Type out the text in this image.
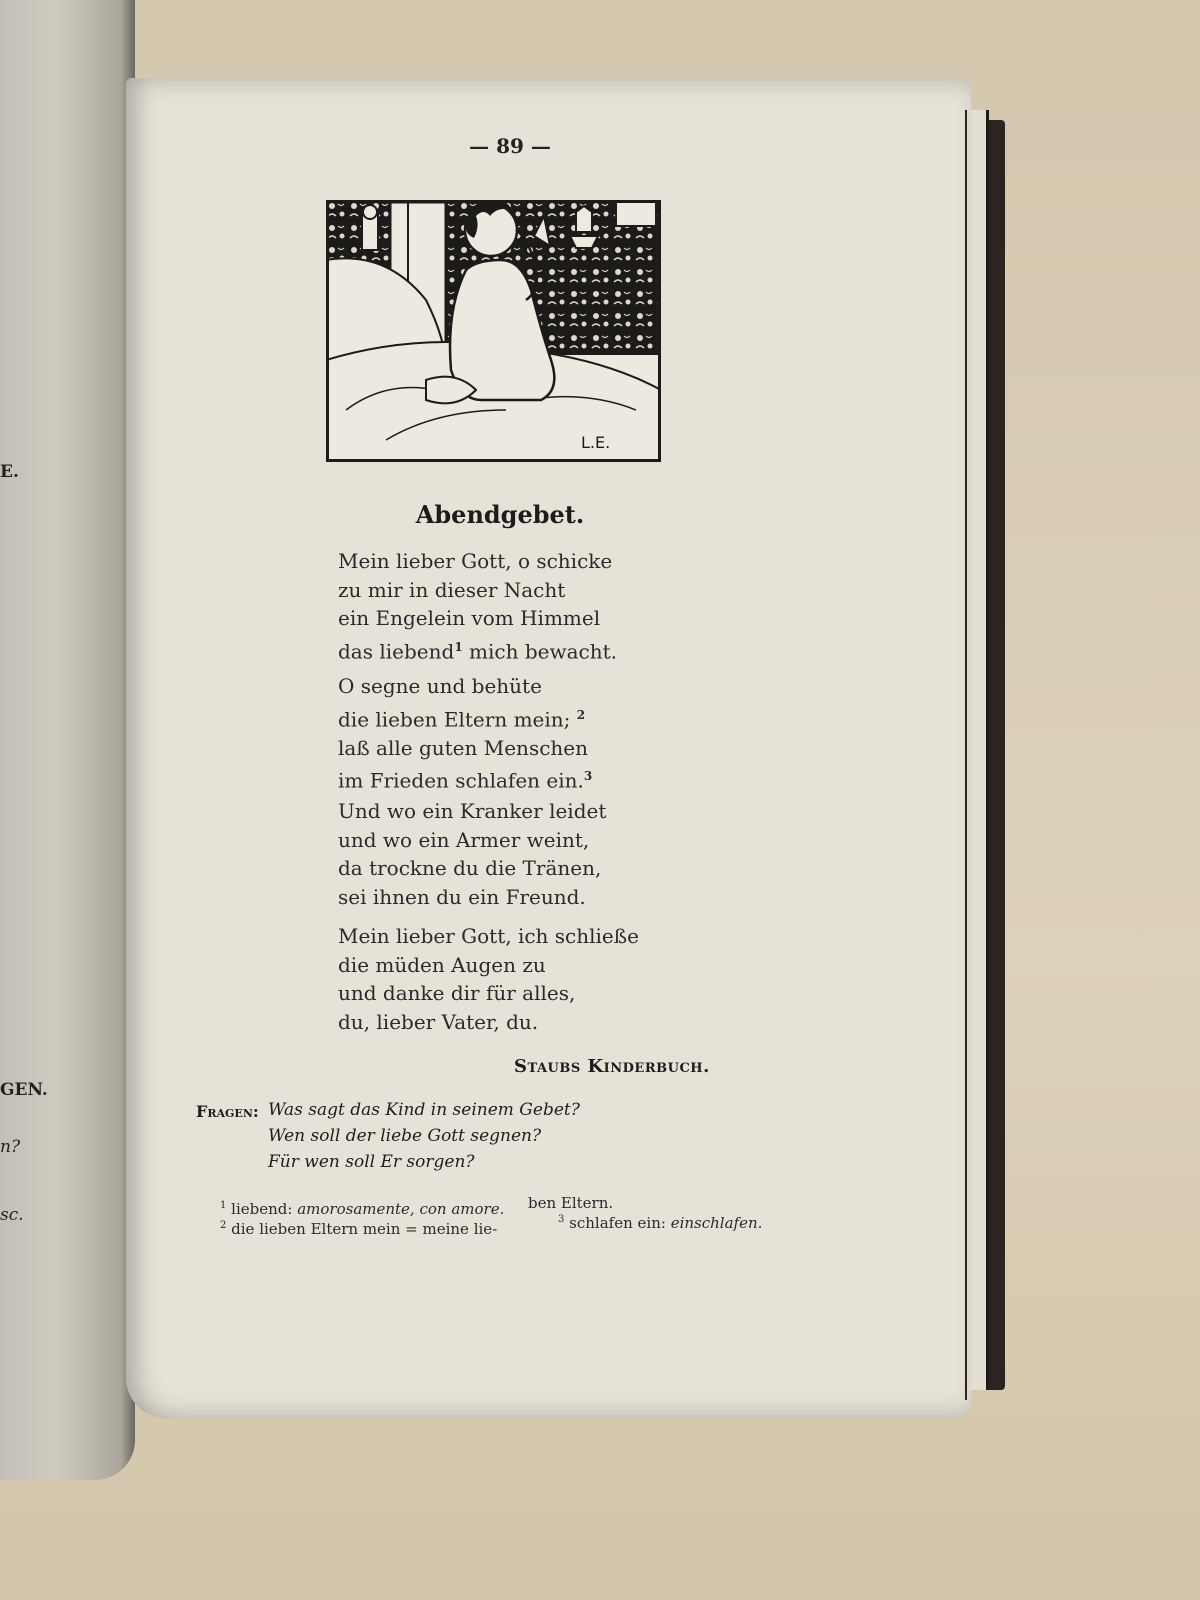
E.
GEN.
n?
sc.
— 89 —
L.E.
Abendgebet.
Mein lieber Gott, o schicke
zu mir in dieser Nacht
ein Engelein vom Himmel
das liebend$^1$ mich bewacht.
O segne und behüte
die lieben Eltern mein; $^2$
laß alle guten Menschen
im Frieden schlafen ein.$^3$
Und wo ein Kranker leidet
und wo ein Armer weint,
da trockne du die Tränen,
sei ihnen du ein Freund.
Mein lieber Gott, ich schließe
die müden Augen zu
und danke dir für alles,
du, lieber Vater, du.
Staubs Kinderbuch.
Fragen: Was sagt das Kind in seinem Gebet?
Wen soll der liebe Gott segnen?
Für wen soll Er sorgen?
$^1$ liebend: amorosamente, con amore.
$^2$ die lieben Eltern mein = meine lie-
ben Eltern.
$^3$ schlafen ein: einschlafen.
